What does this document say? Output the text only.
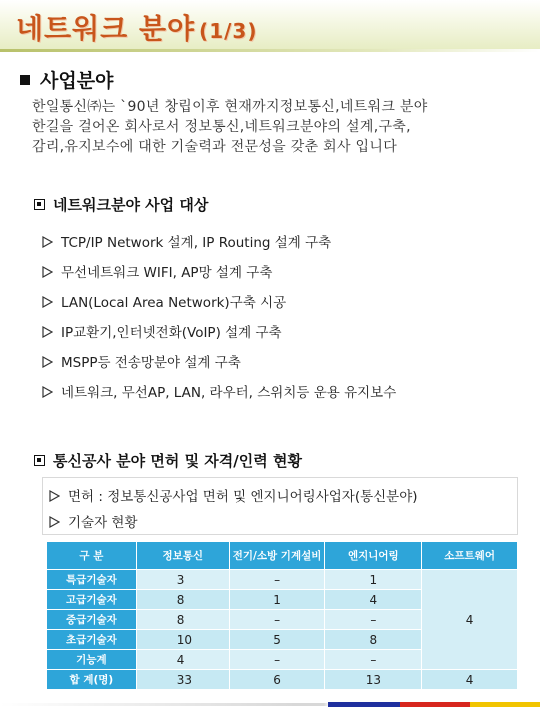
네트워크 분야 (1/3)
사업분야
한일통신㈜는 `90년 창립이후 현재까지정보통신,네트워크 분야
한길을 걸어온 회사로서 정보통신,네트워크분야의 설계,구축,
감리,유지보수에 대한 기술력과 전문성을 갖춘 회사 입니다
네트워크분야 사업 대상
TCP/IP Network 설계, IP Routing 설계 구축
무선네트워크 WIFI, AP망 설계 구축
LAN(Local Area Network)구축 시공
IP교환기,인터넷전화(VoIP) 설계 구축
MSPP등 전송망분야 설계 구축
네트워크, 무선AP, LAN, 라우터, 스위치등 운용 유지보수
통신공사 분야 면허 및 자격/인력 현황
면허 : 정보통신공사업 면허 및 엔지니어링사업자(통신분야)
기술자 현황
구 분	정보통신	전기/소방 기계설비	엔지니어링	소프트웨어
특급기술자	3	–	1	4
고급기술자	8	1	4	
중급기술자	8	–	–	
초급기술자	10	5	8	
기능계	4	–	–	
합 계(명)	33	6	13	4
